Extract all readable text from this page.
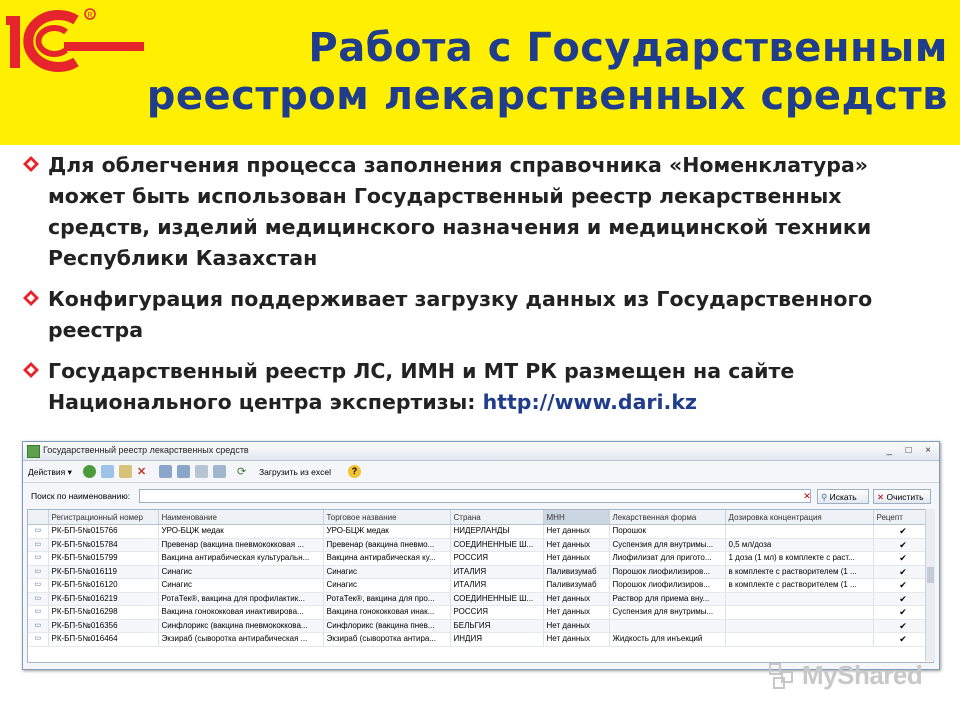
R
Работа с Государственным
реестром лекарственных средств
Для облегчения процесса заполнения справочника «Номенклатура» может быть использован Государственный реестр лекарственных средств, изделий медицинского назначения и медицинской техники Республики Казахстан
Конфигурация поддерживает загрузку данных из Государственного реестра
Государственный реестр ЛС, ИМН и МТ РК размещен на сайте Национального центра экспертизы: http://www.dari.kz
Государственный реестр лекарственных средств	_ □ ×
Действия ▾	✕	⟳ Загрузить из excel	?
Поиск по наименованию:	✕	⚲ Искать	✕ Очистить
	Регистрационный номер	Наименование	Торговое название	Страна	МНН	Лекарственная форма	Дозировка концентрация	Рецепт
▭	РК-БП-5№015766	УРО-БЦЖ медак	УРО-БЦЖ медак	НИДЕРЛАНДЫ	Нет данных	Порошок		✔
▭	РК-БП-5№015784	Превенар (вакцина пневмококковая ...	Превенар (вакцина пневмо...	СОЕДИНЕННЫЕ Ш...	Нет данных	Суспензия для внутримы...	0,5 мл/доза	✔
▭	РК-БП-5№015799	Вакцина антирабическая культуральн...	Вакцина антирабическая ку...	РОССИЯ	Нет данных	Лиофилизат для пригото...	1 доза (1 мл) в комплекте с раст...	✔
▭	РК-БП-5№016119	Синагис	Синагис	ИТАЛИЯ	Паливизумаб	Порошок лиофилизиров...	в комплекте с растворителем (1 ...	✔
▭	РК-БП-5№016120	Синагис	Синагис	ИТАЛИЯ	Паливизумаб	Порошок лиофилизиров...	в комплекте с растворителем (1 ...	✔
▭	РК-БП-5№016219	РотаТек®, вакцина для профилактик...	РотаТек®, вакцина для про...	СОЕДИНЕННЫЕ Ш...	Нет данных	Раствор для приема вну...		✔
▭	РК-БП-5№016298	Вакцина гонококковая инактивирова...	Вакцина гонококковая инак...	РОССИЯ	Нет данных	Суспензия для внутримы...		✔
▭	РК-БП-5№016356	Синфлорикс (вакцина пневмококкова...	Синфлорикс (вакцина пнев...	БЕЛЬГИЯ	Нет данных			✔
▭	РК-БП-5№016464	Экзираб (сыворотка антирабическая ...	Экзираб (сыворотка антира...	ИНДИЯ	Нет данных	Жидкость для инъекций		✔
MyShared
